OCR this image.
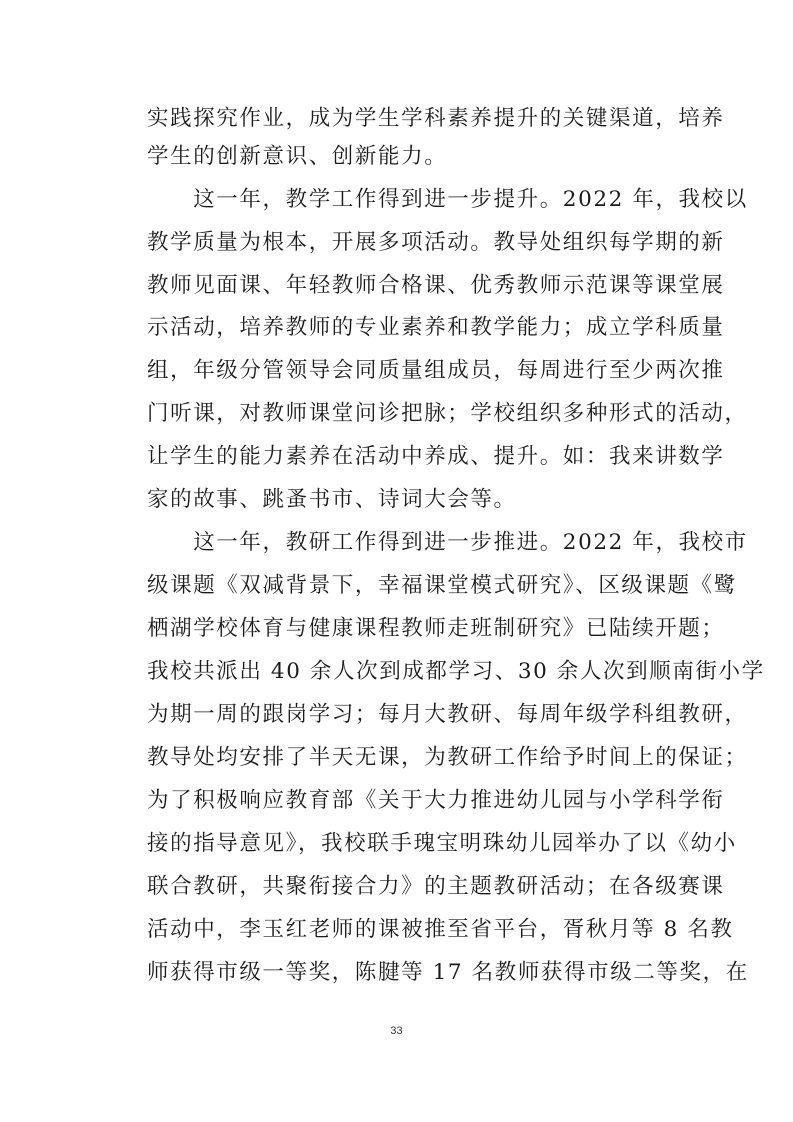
实践探究作业，成为学生学科素养提升的关键渠道，培养
学生的创新意识、创新能力。
　　这一年，教学工作得到进一步提升。2022 年，我校以
教学质量为根本，开展多项活动。教导处组织每学期的新
教师见面课、年轻教师合格课、优秀教师示范课等课堂展
示活动，培养教师的专业素养和教学能力；成立学科质量
组，年级分管领导会同质量组成员，每周进行至少两次推
门听课，对教师课堂问诊把脉；学校组织多种形式的活动，
让学生的能力素养在活动中养成、提升。如：我来讲数学
家的故事、跳蚤书市、诗词大会等。
　　这一年，教研工作得到进一步推进。2022 年，我校市
级课题《双减背景下，幸福课堂模式研究》、区级课题《鹭
栖湖学校体育与健康课程教师走班制研究》已陆续开题；
我校共派出 40 余人次到成都学习、30 余人次到顺南街小学
为期一周的跟岗学习；每月大教研、每周年级学科组教研，
教导处均安排了半天无课，为教研工作给予时间上的保证；
为了积极响应教育部《关于大力推进幼儿园与小学科学衔
接的指导意见》，我校联手瑰宝明珠幼儿园举办了以《幼小
联合教研，共聚衔接合力》的主题教研活动；在各级赛课
活动中，李玉红老师的课被推至省平台，胥秋月等 8 名教
师获得市级一等奖，陈腱等 17 名教师获得市级二等奖，在
33
